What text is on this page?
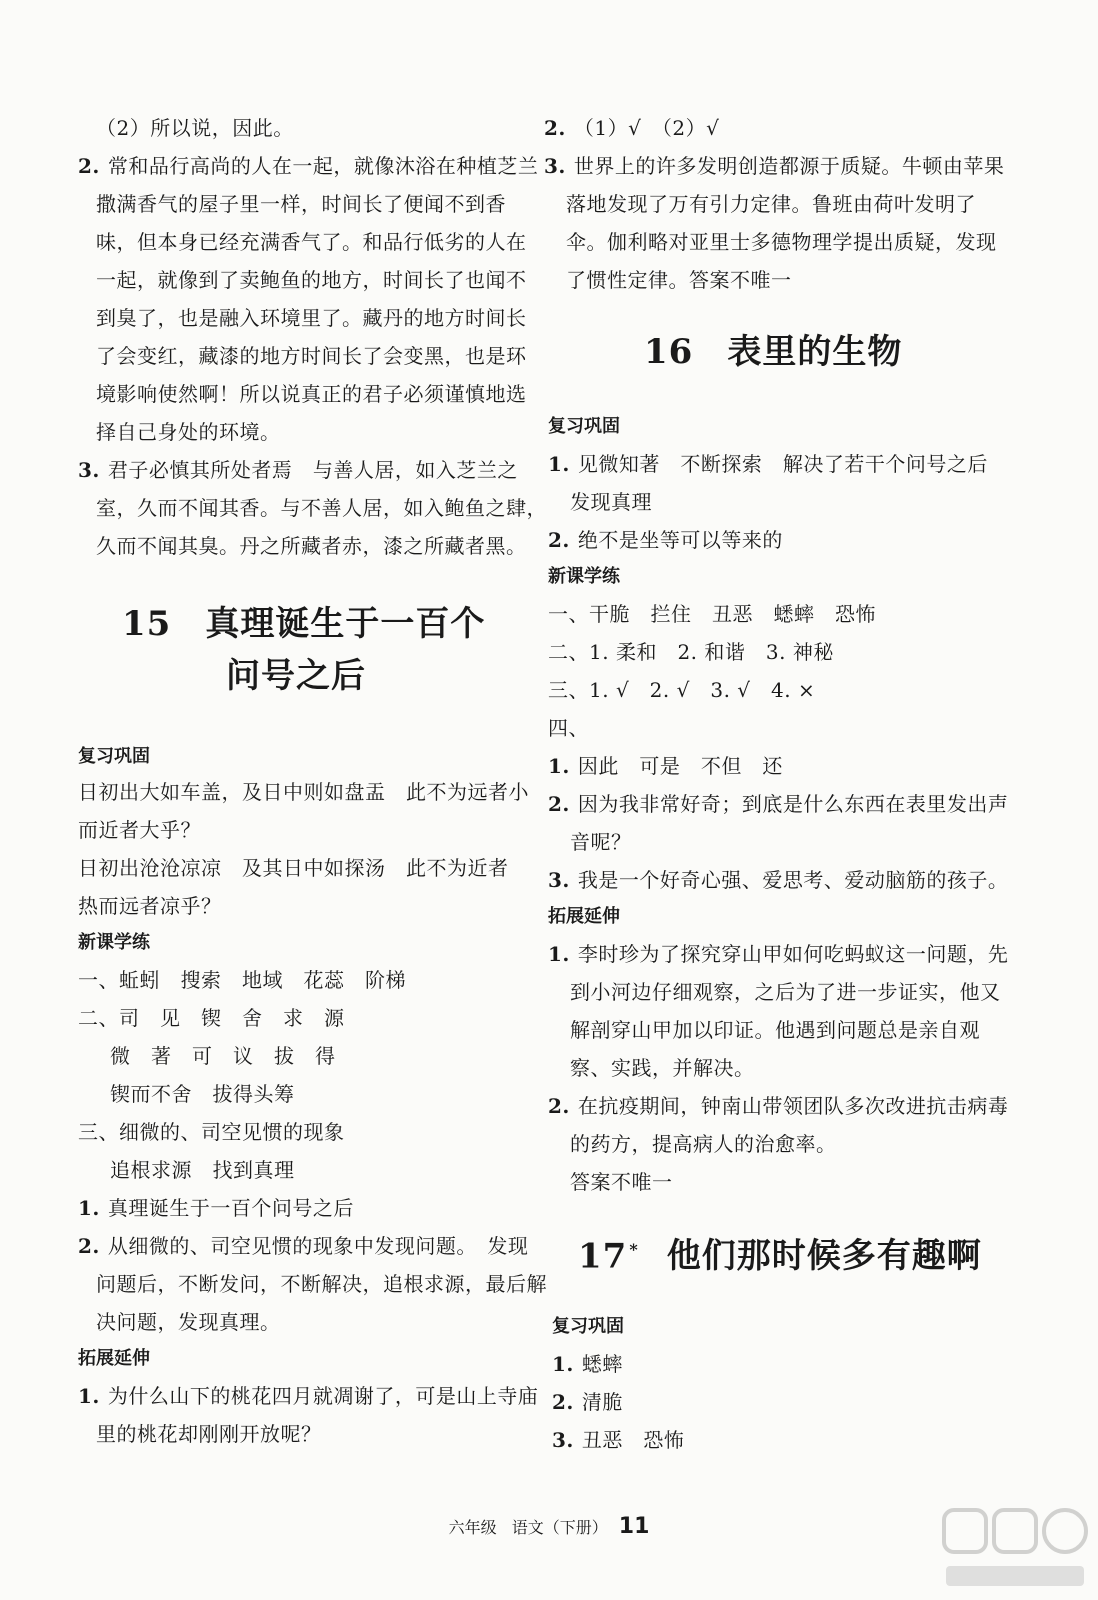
（2）所以说，因此。
2. 常和品行高尚的人在一起，就像沐浴在种植芝兰
撒满香气的屋子里一样，时间长了便闻不到香
味，但本身已经充满香气了。和品行低劣的人在
一起，就像到了卖鲍鱼的地方，时间长了也闻不
到臭了，也是融入环境里了。藏丹的地方时间长
了会变红，藏漆的地方时间长了会变黑，也是环
境影响使然啊！所以说真正的君子必须谨慎地选
择自己身处的环境。
3. 君子必慎其所处者焉　与善人居，如入芝兰之
室，久而不闻其香。与不善人居，如入鲍鱼之肆，
久而不闻其臭。丹之所藏者赤，漆之所藏者黑。
15 真理诞生于一百个
问号之后
复习巩固
日初出大如车盖，及日中则如盘盂　此不为远者小
而近者大乎？
日初出沧沧凉凉　及其日中如探汤　此不为近者
热而远者凉乎？
新课学练
一、蚯蚓　搜索　地域　花蕊　阶梯
二、司　见　锲　舍　求　源
微　著　可　议　拔　得
锲而不舍　拔得头筹
三、细微的、司空见惯的现象
追根求源　找到真理
1. 真理诞生于一百个问号之后
2. 从细微的、司空见惯的现象中发现问题。　发现
问题后，不断发问，不断解决，追根求源，最后解
决问题，发现真理。
拓展延伸
1. 为什么山下的桃花四月就凋谢了，可是山上寺庙
里的桃花却刚刚开放呢？
2. （1）√　（2）√
3. 世界上的许多发明创造都源于质疑。牛顿由苹果
落地发现了万有引力定律。鲁班由荷叶发明了
伞。伽利略对亚里士多德物理学提出质疑，发现
了惯性定律。答案不唯一
16 表里的生物
复习巩固
1. 见微知著　不断探索　解决了若干个问号之后
发现真理
2. 绝不是坐等可以等来的
新课学练
一、干脆　拦住　丑恶　蟋蟀　恐怖
二、1. 柔和　2. 和谐　3. 神秘
三、1. √　2. √　3. √　4. ×
四、
1. 因此　可是　不但　还
2. 因为我非常好奇；到底是什么东西在表里发出声
音呢？
3. 我是一个好奇心强、爱思考、爱动脑筋的孩子。
拓展延伸
1. 李时珍为了探究穿山甲如何吃蚂蚁这一问题，先
到小河边仔细观察，之后为了进一步证实，他又
解剖穿山甲加以印证。他遇到问题总是亲自观
察、实践，并解决。
2. 在抗疫期间，钟南山带领团队多次改进抗击病毒
的药方，提高病人的治愈率。
答案不唯一
17 * 他们那时候多有趣啊
复习巩固
1. 蟋蟀
2. 清脆
3. 丑恶　恐怖
六年级 语文（下册） 11
